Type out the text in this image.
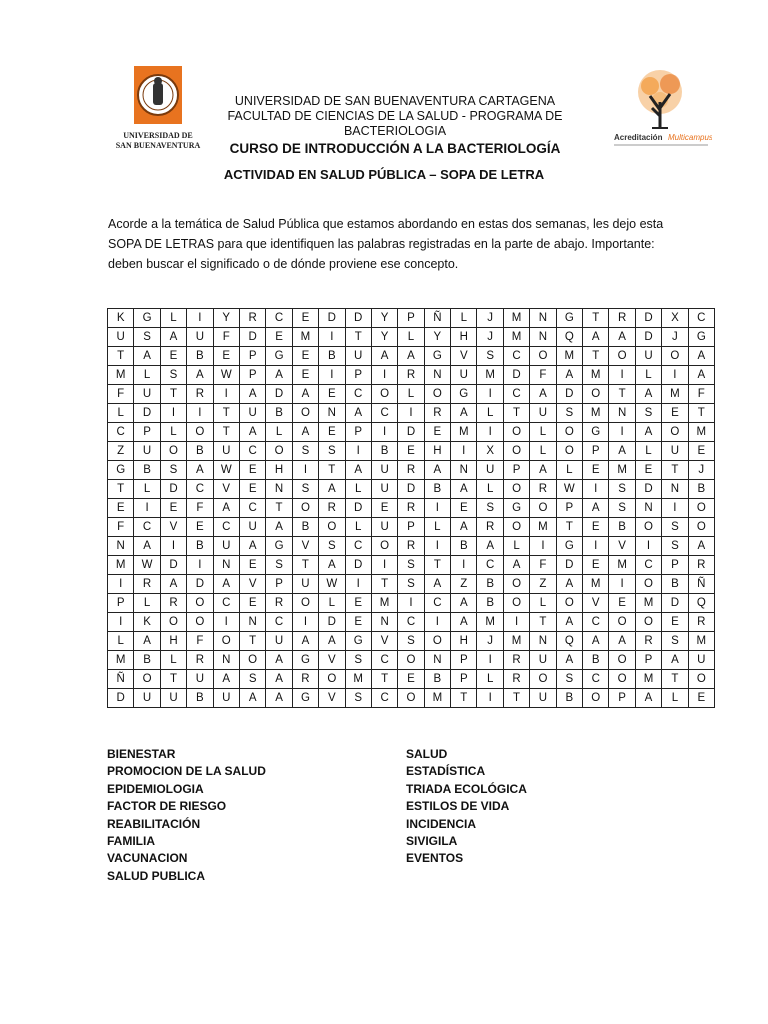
UNIVERSIDAD DE
SAN BUENAVENTURA
Acreditación Multicampus
UNIVERSIDAD DE SAN BUENAVENTURA CARTAGENA
FACULTAD DE CIENCIAS DE LA SALUD - PROGRAMA DE BACTERIOLOGIA
CURSO DE INTRODUCCIÓN A LA BACTERIOLOGÍA
ACTIVIDAD EN SALUD PÚBLICA – SOPA DE LETRA
Acorde a la temática de Salud Pública que estamos abordando en estas dos semanas, les dejo esta SOPA DE LETRAS para que identifiquen las palabras registradas en la parte de abajo. Importante: deben buscar el significado o de dónde proviene ese concepto.
K	G	L	I	Y	R	C	E	D	D	Y	P	Ñ	L	J	M	N	G	T	R	D	X	C
U	S	A	U	F	D	E	M	I	T	Y	L	Y	H	J	M	N	Q	A	A	D	J	G
T	A	E	B	E	P	G	E	B	U	A	A	G	V	S	C	O	M	T	O	U	O	A
M	L	S	A	W	P	A	E	I	P	I	R	N	U	M	D	F	A	M	I	L	I	A
F	U	T	R	I	A	D	A	E	C	O	L	O	G	I	C	A	D	O	T	A	M	F
L	D	I	I	T	U	B	O	N	A	C	I	R	A	L	T	U	S	M	N	S	E	T
C	P	L	O	T	A	L	A	E	P	I	D	E	M	I	O	L	O	G	I	A	O	M
Z	U	O	B	U	C	O	S	S	I	B	E	H	I	X	O	L	O	P	A	L	U	E
G	B	S	A	W	E	H	I	T	A	U	R	A	N	U	P	A	L	E	M	E	T	J
T	L	D	C	V	E	N	S	A	L	U	D	B	A	L	O	R	W	I	S	D	N	B
E	I	E	F	A	C	T	O	R	D	E	R	I	E	S	G	O	P	A	S	N	I	O
F	C	V	E	C	U	A	B	O	L	U	P	L	A	R	O	M	T	E	B	O	S	O
N	A	I	B	U	A	G	V	S	C	O	R	I	B	A	L	I	G	I	V	I	S	A
M	W	D	I	N	E	S	T	A	D	I	S	T	I	C	A	F	D	E	M	C	P	R
I	R	A	D	A	V	P	U	W	I	T	S	A	Z	B	O	Z	A	M	I	O	B	Ñ
P	L	R	O	C	E	R	O	L	E	M	I	C	A	B	O	L	O	V	E	M	D	Q
I	K	O	O	I	N	C	I	D	E	N	C	I	A	M	I	T	A	C	O	O	E	R
L	A	H	F	O	T	U	A	A	G	V	S	O	H	J	M	N	Q	A	A	R	S	M
M	B	L	R	N	O	A	G	V	S	C	O	N	P	I	R	U	A	B	O	P	A	U
Ñ	O	T	U	A	S	A	R	O	M	T	E	B	P	L	R	O	S	C	O	M	T	O
D	U	U	B	U	A	A	G	V	S	C	O	M	T	I	T	U	B	O	P	A	L	E
BIENESTAR
PROMOCION DE LA SALUD
EPIDEMIOLOGIA
FACTOR DE RIESGO
REABILITACIÓN
FAMILIA
VACUNACION
SALUD PUBLICA
SALUD
ESTADÍSTICA
TRIADA ECOLÓGICA
ESTILOS DE VIDA
INCIDENCIA
SIVIGILA
EVENTOS
